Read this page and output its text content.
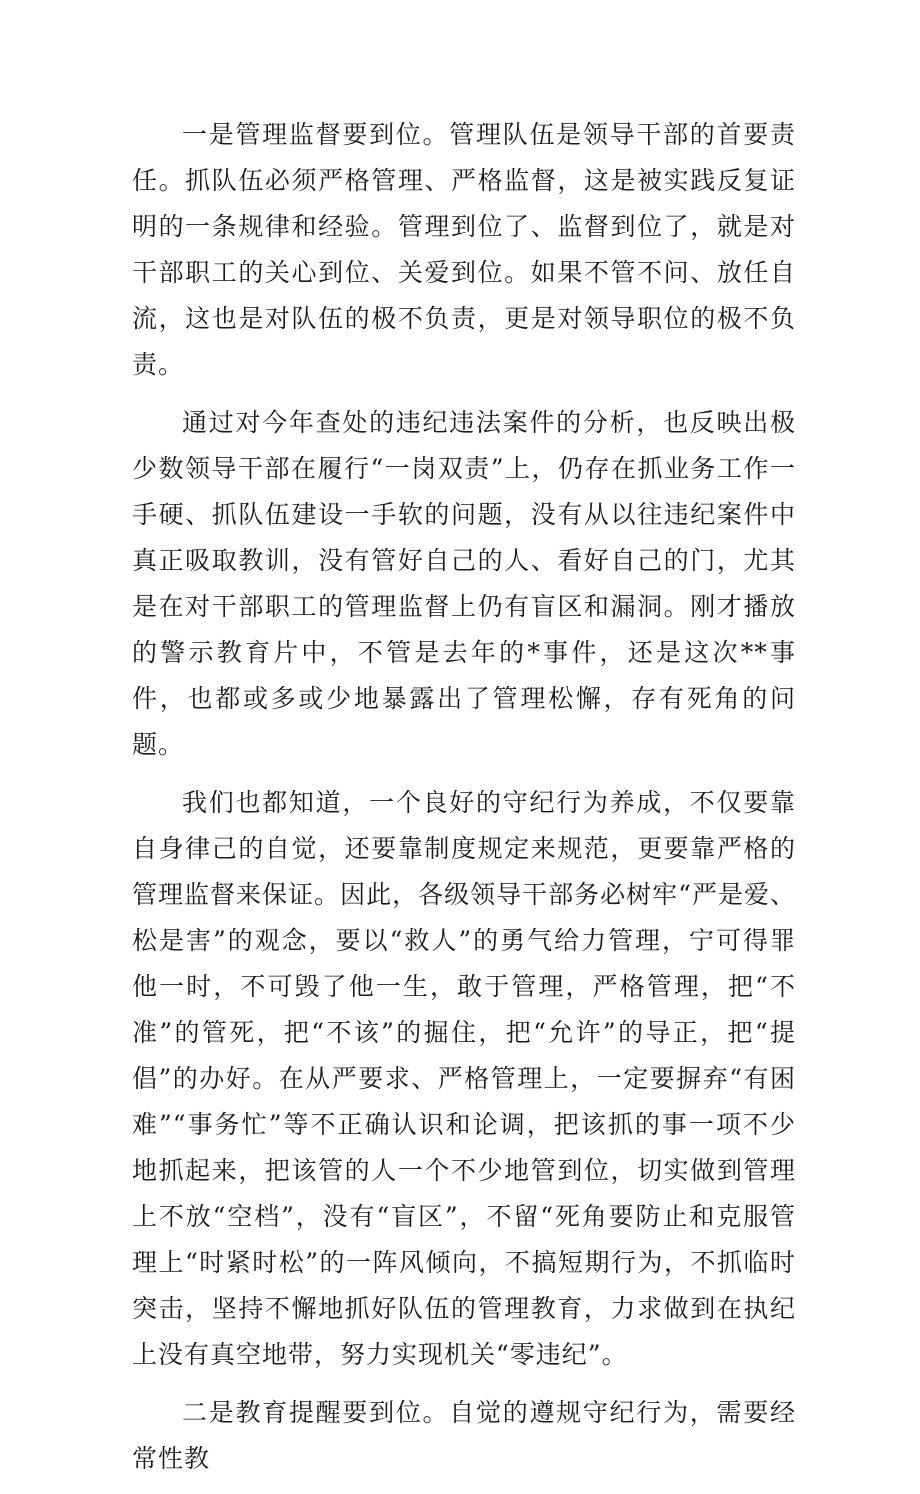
一是管理监督要到位。管理队伍是领导干部的首要责任。抓队伍必须严格管理、严格监督，这是被实践反复证明的一条规律和经验。管理到位了、监督到位了，就是对干部职工的关心到位、关爱到位。如果不管不问、放任自流，这也是对队伍的极不负责，更是对领导职位的极不负责。

通过对今年查处的违纪违法案件的分析，也反映出极少数领导干部在履行“一岗双责”上，仍存在抓业务工作一手硬、抓队伍建设一手软的问题，没有从以往违纪案件中真正吸取教训，没有管好自己的人、看好自己的门，尤其是在对干部职工的管理监督上仍有盲区和漏洞。刚才播放的警示教育片中，不管是去年的*事件，还是这次**事件，也都或多或少地暴露出了管理松懈，存有死角的问题。

我们也都知道，一个良好的守纪行为养成，不仅要靠自身律己的自觉，还要靠制度规定来规范，更要靠严格的管理监督来保证。因此，各级领导干部务必树牢“严是爱、松是害”的观念，要以“救人”的勇气给力管理，宁可得罪他一时，不可毁了他一生，敢于管理，严格管理，把“不准”的管死，把“不该”的掘住，把“允许”的导正，把“提倡”的办好。在从严要求、严格管理上，一定要摒弃“有困难”“事务忙”等不正确认识和论调，把该抓的事一项不少地抓起来，把该管的人一个不少地管到位，切实做到管理上不放“空档”，没有“盲区”，不留“死角要防止和克服管理上“时紧时松”的一阵风倾向，不搞短期行为，不抓临时突击，坚持不懈地抓好队伍的管理教育，力求做到在执纪上没有真空地带，努力实现机关“零违纪”。

二是教育提醒要到位。自觉的遵规守纪行为，需要经常性教
